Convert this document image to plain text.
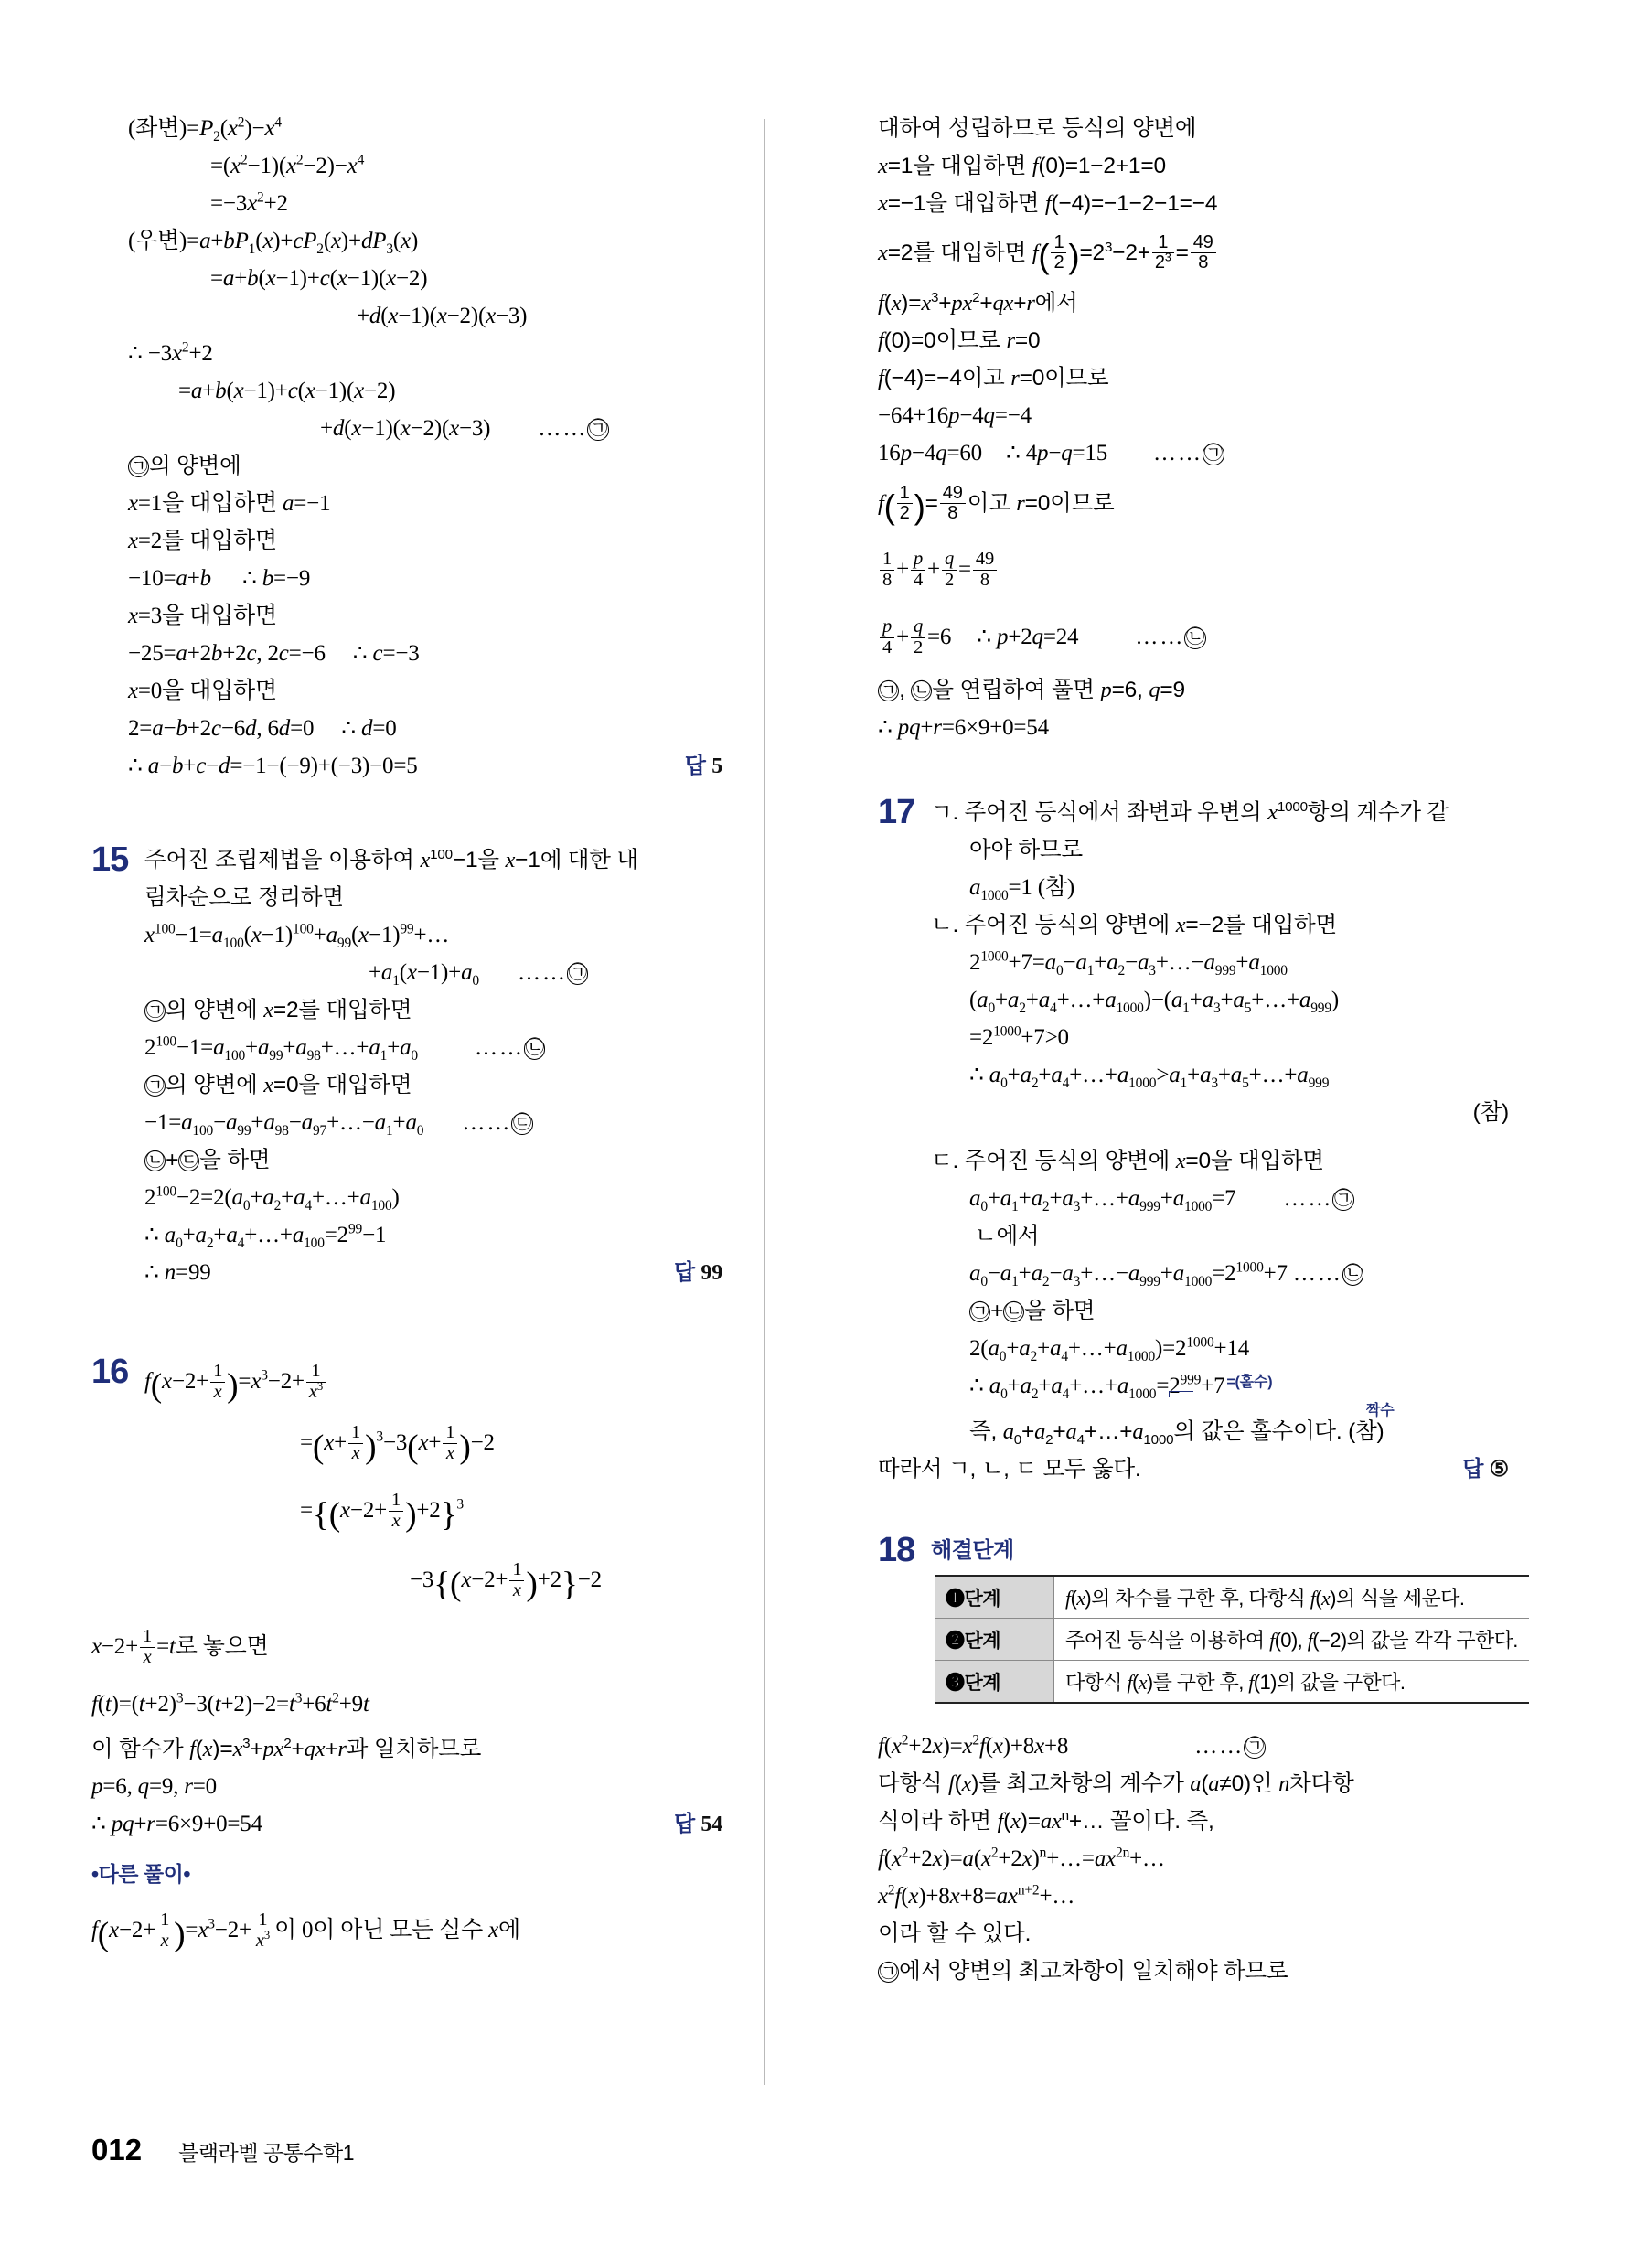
(좌변)$=P_2(x^2)-x^4$
$=(x^2-1)(x^2-2)-x^4$
$=-3x^2+2$
(우변)$=a+bP_1(x)+cP_2(x)+dP_3(x)$
=a+b(x−1)+c(x−1)(x−2)
+d(x−1)(x−2)(x−3)
∴ $-3x^2+2$
=a+b(x−1)+c(x−1)(x−2)
+d(x−1)(x−2)(x−3) ……㉠
㉠의 양변에
x=1을 대입하면 a=−1
x=2를 대입하면
−10=a+b ∴ b=−9
x=3을 대입하면
−25=a+2b+2c, 2c=−6 ∴ c=−3
x=0을 대입하면
2=a−b+2c−6d, 6d=0 ∴ d=0
∴ a−b+c−d=−1−(−9)+(−3)−0=5	답 5
15 주어진 조립제법을 이용하여 $x^{100}-1$을 x−1에 대한 내
림차순으로 정리하면
$x^{100}-1=a_{100}(x-1)^{100}+a_{99}(x-1)^{99}+\dots$
$+a_1(x-1)+a_0$ ……㉠
㉠의 양변에 x=2를 대입하면
$2^{100}-1=a_{100}+a_{99}+a_{98}+\dots+a_1+a_0$ ……㉡
㉠의 양변에 x=0을 대입하면
$-1=a_{100}-a_{99}+a_{98}-a_{97}+\dots-a_1+a_0$ ……㉢
㉡+㉢을 하면
$2^{100}-2=2(a_0+a_2+a_4+\dots+a_{100})$
∴ $a_0+a_2+a_4+\dots+a_{100}=2^{99}-1$
∴ n=99	답 99
16 $f(x-2+ \frac{1}{x} )=x^3-2+ \frac{1}{x^3}$
$=(x+ \frac{1}{x} )^3-3(x+ \frac{1}{x} )-2$
$=\{(x-2+ \frac{1}{x} )+2\}^3$
$-3\{(x-2+ \frac{1}{x} )+2\}-2$
$x-2+ \frac{1}{x} =t$로 놓으면
$f(t)=(t+2)^3-3(t+2)-2=t^3+6t^2+9t$
이 함수가 $f(x)=x^3+px^2+qx+r$과 일치하므로
p=6, q=9, r=0
∴ pq+r=6×9+0=54	답 54
•다른 풀이•
$f(x-2+ \frac{1}{x} )=x^3-2+ \frac{1}{x^3}$ 이 0이 아닌 모든 실수 x에
대하여 성립하므로 등식의 양변에
x=1을 대입하면 f(0)=1−2+1=0
x=−1을 대입하면 f(−4)=−1−2−1=−4
x=2를 대입하면 $f( \frac{1}{2} )=2^3-2+ \frac{1}{2^3} = \frac{49}{8}$
$f(x)=x^3+px^2+qx+r$에서
f(0)=0이므로 r=0
f(−4)=−4이고 r=0이므로
−64+16p−4q=−4
16p−4q=60 ∴ 4p−q=15 ……㉠
$f( \frac{1}{2}$ )= $\frac{49}{8}$ 이고 r=0이므로
$\frac{1}{8} + \frac{p}{4} + \frac{q}{2} = \frac{49}{8}$
$\frac{p}{4} + \frac{q}{2} =6$ ∴ p+2q=24 ……㉡
㉠, ㉡을 연립하여 풀면 p=6, q=9
∴ pq+r=6×9+0=54
17 ㄱ. 주어진 등식에서 좌변과 우변의 $x^{1000}$항의 계수가 같
아야 하므로
$a_{1000}=1$ (참)
ㄴ. 주어진 등식의 양변에 x=−2를 대입하면
$2^{1000}+7=a_0-a_1+a_2-a_3+\dots-a_{999}+a_{1000}$
$(a_0+a_2+a_4+\dots+a_{1000})-(a_1+a_3+a_5+\dots+a_{999})$
$=2^{1000}+7>0$
∴ $a_0+a_2+a_4+\dots+a_{1000}>a_1+a_3+a_5+\dots+a_{999}$
(참)
ㄷ. 주어진 등식의 양변에 x=0을 대입하면
$a_0+a_1+a_2+a_3+\dots+a_{999}+a_{1000}=7$ ……㉠
ㄴ에서
$a_0-a_1+a_2-a_3+\dots-a_{999}+a_{1000}=2^{1000}+7$ ……㉡
㉠+㉡을 하면
$2(a_0+a_2+a_4+\dots+a_{1000})=2^{1000}+14$
∴ $a_0+a_2+a_4+\dots+a_{1000}=2^{999}$
+7 $^{=(홀수)}$
짝수
즉, $a_0+a_2+a_4+\dots+a_{1000}$의 값은 홀수이다. (참)
따라서 ㄱ, ㄴ, ㄷ 모두 옳다.	답 ⑤
18 해결단계
❶단계	f(x)의 차수를 구한 후, 다항식 f(x)의 식을 세운다.
❷단계	주어진 등식을 이용하여 f(0), f(−2)의 값을 각각 구한다.
❸단계	다항식 f(x)를 구한 후, f(1)의 값을 구한다.
$f(x^2+2x)=x^2f(x)+8x+8$	……㉠
다항식 f(x)를 최고차항의 계수가 a(a≠0)인 n차다항
식이라 하면 $f(x)=ax^n+\dots$ 꼴이다. 즉,
$f(x^2+2x)=a(x^2+2x)^n+\dots=ax^{2n}+\dots$
$x^2f(x)+8x+8=ax^{n+2}+\dots$
이라 할 수 있다.
㉠에서 양변의 최고차항이 일치해야 하므로
012 블랙라벨 공통수학1
